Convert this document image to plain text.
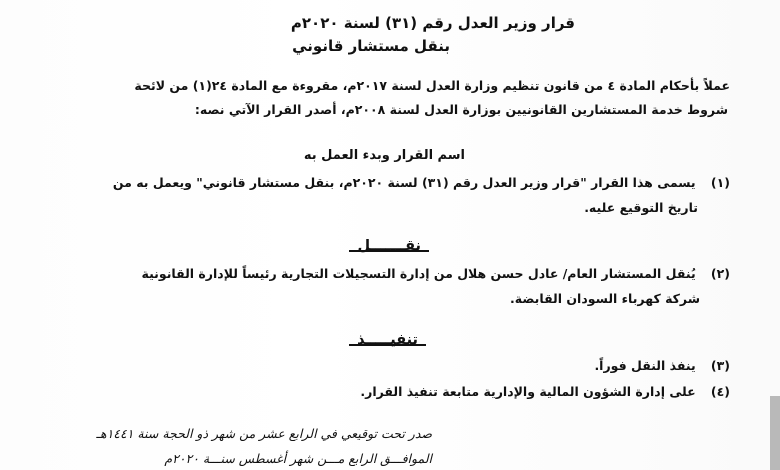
قرار وزير العدل رقم (٣١) لسنة ٢٠٢٠م
بنقل مستشار قانوني
عملاً بأحكام المادة ٤ من قانون تنظيم وزارة العدل لسنة ٢٠١٧م، مقروءة مع المادة ٢٤(١) من لائحة
شروط خدمة المستشارين القانونيين بوزارة العدل لسنة ٢٠٠٨م، أصدر القرار الآتي نصه:
اسم القرار وبدء العمل به
(١) يسمى هذا القرار "قرار وزير العدل رقم (٣١) لسنة ٢٠٢٠م، بنقل مستشار قانوني" ويعمل به من
تاريخ التوقيع عليه.
نقـــــــل
(٢) يُنقل المستشار العام/ عادل حسن هلال من إدارة التسجيلات التجارية رئيساً للإدارة القانونية
شركة كهرباء السودان القابضة.
تنفيـــــذ
(٣) ينفذ النقل فوراً.
(٤) على إدارة الشؤون المالية والإدارية متابعة تنفيذ القرار.
صدر تحت توقيعي في الرابع عشر من شهر ذو الحجة سنة ١٤٤١هـ
الموافـــق الرابع مـــن شهر أغسطس سنـــة ٢٠٢٠م
